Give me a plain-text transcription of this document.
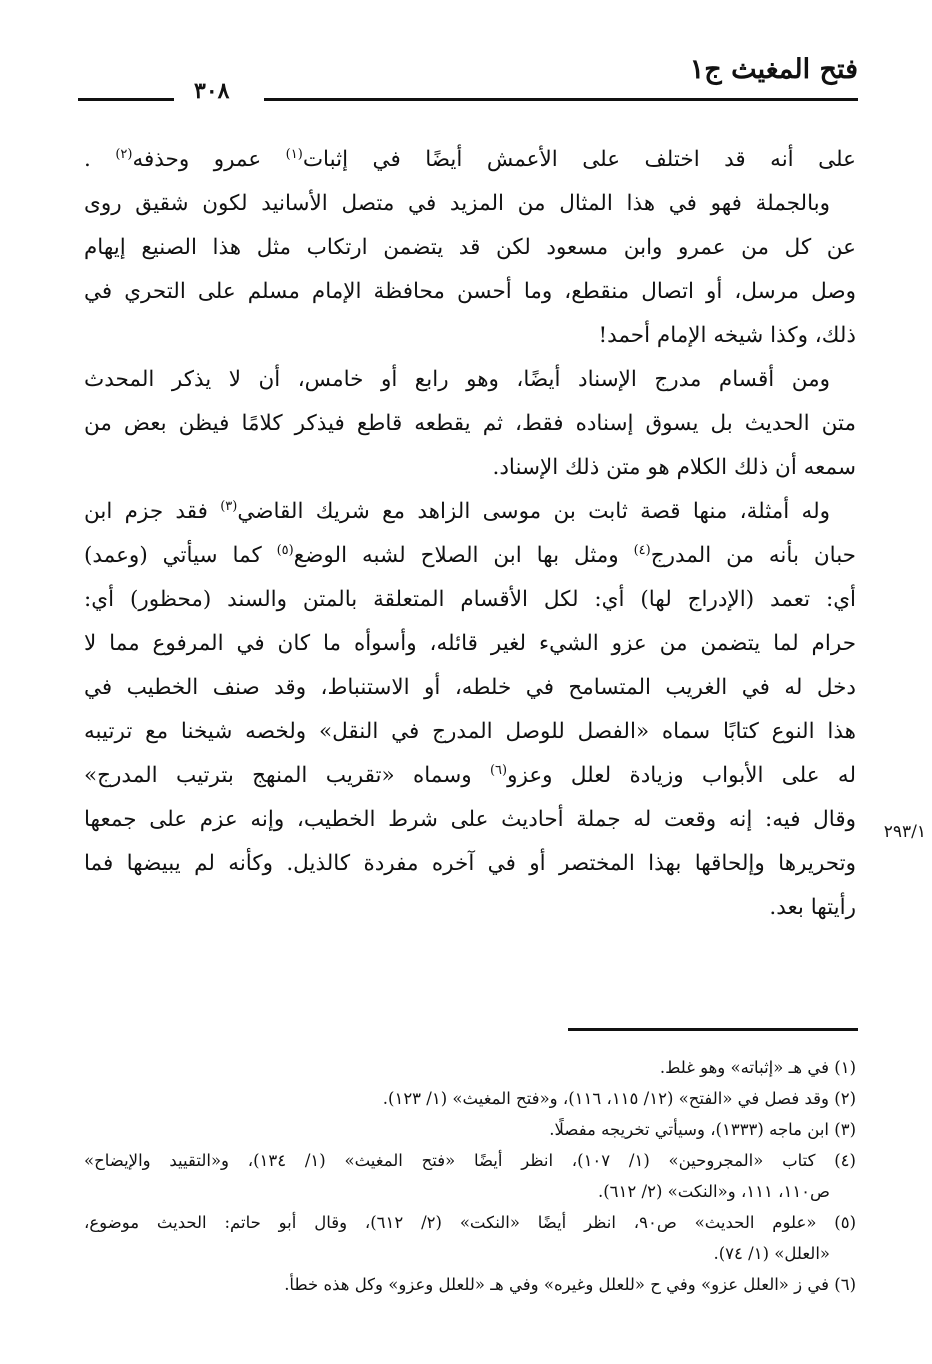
فتح المغيث ج١
٣٠٨
٢٩٣/١
على أنه قد اختلف على الأعمش أيضًا في إثبات$^{(١)}$ عمرو وحذفه$^{(٢)}$ .
وبالجملة فهو في هذا المثال من المزيد في متصل الأسانيد لكون شقيق روى
عن كل من عمرو وابن مسعود لكن قد يتضمن ارتكاب مثل هذا الصنيع إيهام
وصل مرسل، أو اتصال منقطع، وما أحسن محافظة الإمام مسلم على التحري في
ذلك، وكذا شيخه الإمام أحمد!
ومن أقسام مدرج الإسناد أيضًا، وهو رابع أو خامس، أن لا يذكر المحدث
متن الحديث بل يسوق إسناده فقط، ثم يقطعه قاطع فيذكر كلامًا فيظن بعض من
سمعه أن ذلك الكلام هو متن ذلك الإسناد.
وله أمثلة، منها قصة ثابت بن موسى الزاهد مع شريك القاضي$^{(٣)}$ فقد جزم ابن
حبان بأنه من المدرج$^{(٤)}$ ومثل بها ابن الصلاح لشبه الوضع$^{(٥)}$ كما سيأتي (وعمد)
أي: تعمد (الإدراج لها) أي: لكل الأقسام المتعلقة بالمتن والسند (محظور) أي:
حرام لما يتضمن من عزو الشيء لغير قائله، وأسوأه ما كان في المرفوع مما لا
دخل له في الغريب المتسامح في خلطه، أو الاستنباط، وقد صنف الخطيب في
هذا النوع كتابًا سماه «الفصل للوصل المدرج في النقل» ولخصه شيخنا مع ترتيبه
له على الأبواب وزيادة لعلل وعزو$^{(٦)}$ وسماه «تقريب المنهج بترتيب المدرج»
وقال فيه: إنه وقعت له جملة أحاديث على شرط الخطيب، وإنه عزم على جمعها
وتحريرها وإلحاقها بهذا المختصر أو في آخره مفردة كالذيل. وكأنه لم يبيضها فما
رأيتها بعد.
(١) في هـ «إثباته» وهو غلط.
(٢) وقد فصل في «الفتح» (١٢/ ١١٥، ١١٦)، و«فتح المغيث» (١/ ١٢٣).
(٣) ابن ماجه (١٣٣٣)، وسيأتي تخريجه مفصلًا.
(٤) كتاب «المجروحين» (١/ ١٠٧)، انظر أيضًا «فتح المغيث» (١/ ١٣٤)، و«التقييد والإيضاح»
ص١١٠، ١١١، و«النكت» (٢/ ٦١٢).
(٥) «علوم الحديث» ص٩٠، انظر أيضًا «النكت» (٢/ ٦١٢)، وقال أبو حاتم: الحديث موضوع،
«العلل» (١/ ٧٤).
(٦) في ز «العلل عزو» وفي ح «للعلل وغيره» وفي هـ «للعلل وعزو» وكل هذه خطأ.
